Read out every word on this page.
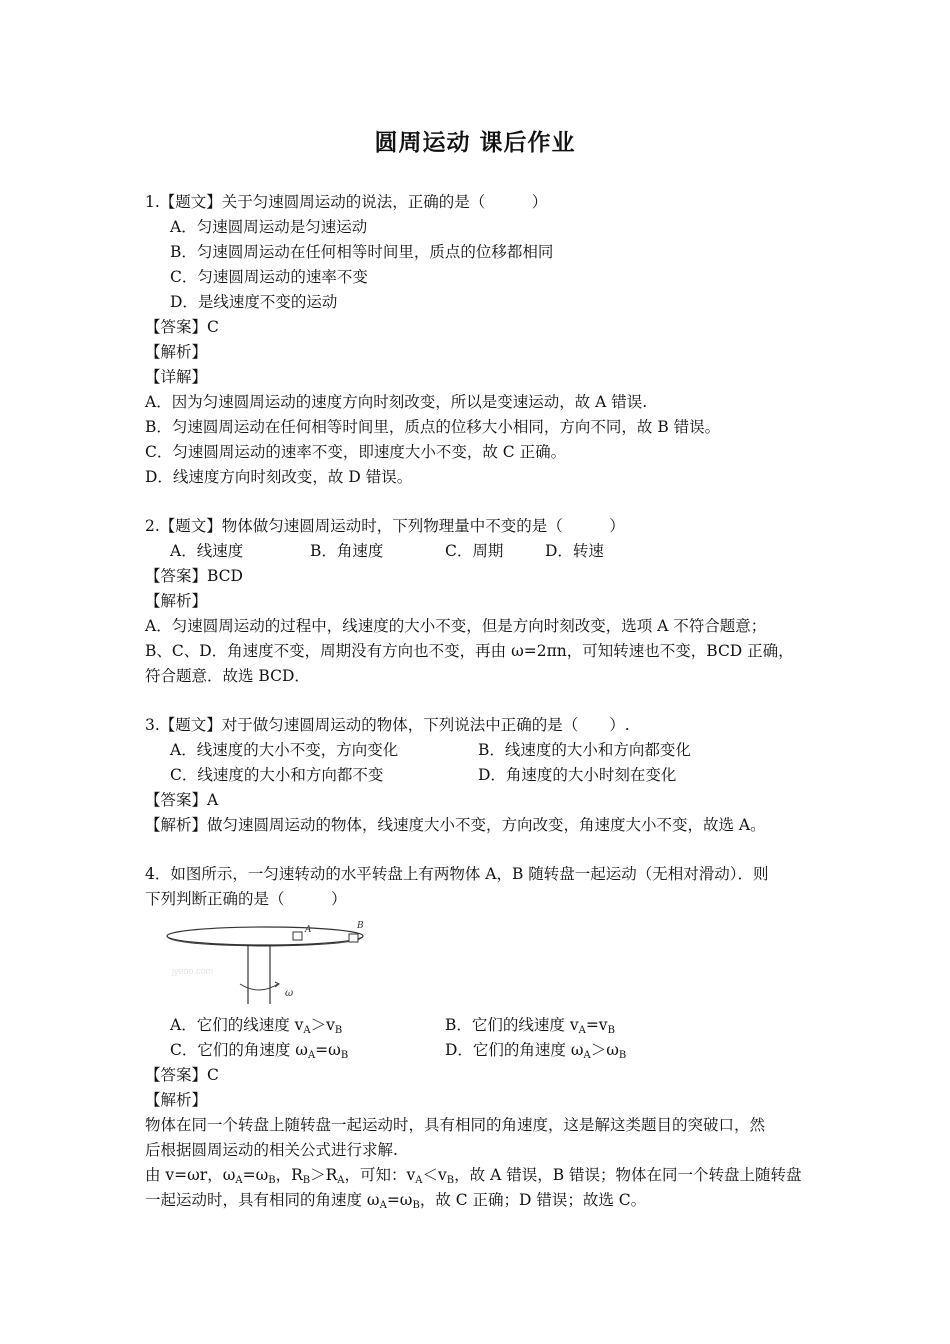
圆周运动 课后作业
1.【题文】关于匀速圆周运动的说法，正确的是（　　　）
A．匀速圆周运动是匀速运动
B．匀速圆周运动在任何相等时间里，质点的位移都相同
C．匀速圆周运动的速率不变
D．是线速度不变的运动
【答案】C
【解析】
【详解】
A．因为匀速圆周运动的速度方向时刻改变，所以是变速运动，故 A 错误.
B．匀速圆周运动在任何相等时间里，质点的位移大小相同，方向不同，故 B 错误。
C．匀速圆周运动的速率不变，即速度大小不变，故 C 正确。
D．线速度方向时刻改变，故 D 错误。
2.【题文】物体做匀速圆周运动时，下列物理量中不变的是（　　　）
A．线速度	B．角速度	C．周期	D．转速
【答案】BCD
【解析】
A．匀速圆周运动的过程中，线速度的大小不变，但是方向时刻改变，选项 A 不符合题意；
B、C、D．角速度不变，周期没有方向也不变，再由 ω=2πn，可知转速也不变，BCD 正确，
符合题意．故选 BCD．
3.【题文】对于做匀速圆周运动的物体，下列说法中正确的是（　　）.
A．线速度的大小不变，方向变化	B．线速度的大小和方向都变化
C．线速度的大小和方向都不变	D．角速度的大小时刻在变化
【答案】A
【解析】做匀速圆周运动的物体，线速度大小不变，方向改变，角速度大小不变，故选 A。
4．如图所示，一匀速转动的水平转盘上有两物体 A，B 随转盘一起运动（无相对滑动）．则
下列判断正确的是（　　　）
jyeoo.com
A	B
ω
A．它们的线速度 $v_A>v_B$	B．它们的线速度 $v_A=v_B$
C．它们的角速度 $\omega_A=\omega_B$	D．它们的角速度 $\omega_A>\omega_B$
【答案】C
【解析】
物体在同一个转盘上随转盘一起运动时，具有相同的角速度，这是解这类题目的突破口，然
后根据圆周运动的相关公式进行求解.
由 v=ωr，$\omega_A=\omega_B$，$R_B>R_A$，可知：$v_A<v_B$，故 A 错误，B 错误；物体在同一个转盘上随转盘
一起运动时，具有相同的角速度 $\omega_A=\omega_B$，故 C 正确；D 错误；故选 C。
